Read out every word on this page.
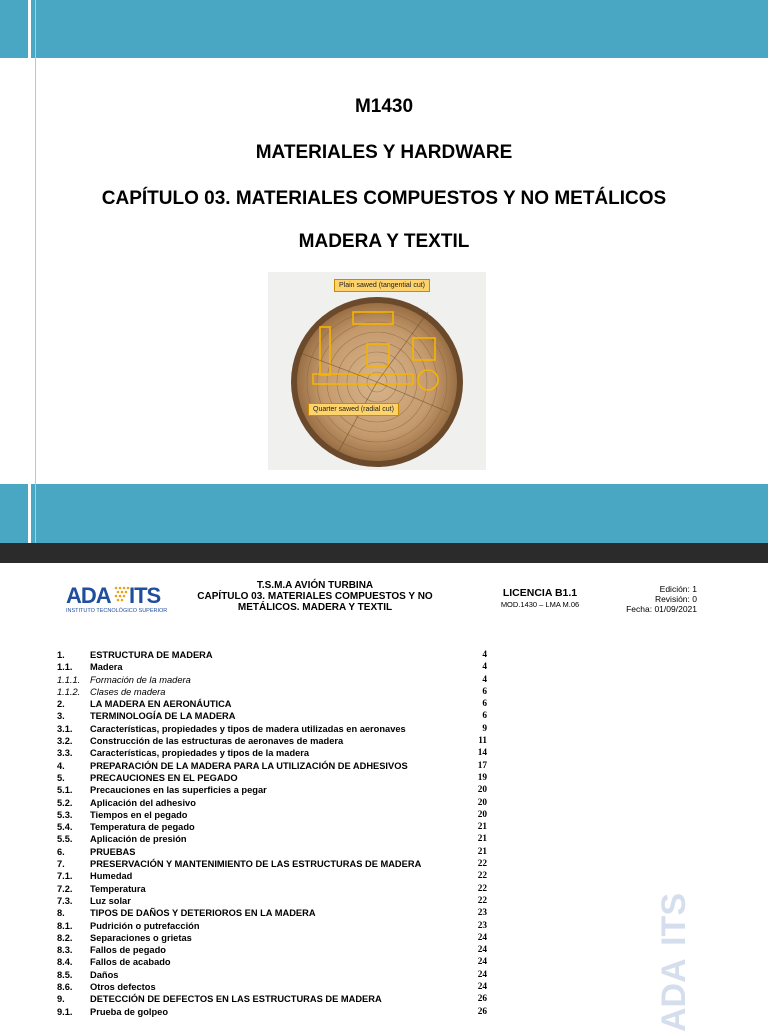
M1430
MATERIALES Y HARDWARE
CAPÍTULO 03. MATERIALES COMPUESTOS Y NO METÁLICOS
MADERA Y TEXTIL
Plain sawed (tangential cut)
Quarter sawed (radial cut)
ADA ITS
INSTITUTO TECNOLÓGICO SUPERIOR
T.S.M.A AVIÓN TURBINA
CAPÍTULO 03. MATERIALES COMPUESTOS Y NO
METÁLICOS. MADERA Y TEXTIL
LICENCIA B1.1
MOD.1430 – LMA M.06
Edición: 1
Revisión: 0
Fecha: 01/09/2021
1.	ESTRUCTURA DE MADERA	4
1.1. Madera	4
1.1.1. Formación de la madera	4
1.1.2. Clases de madera	6
2.	LA MADERA EN AERONÁUTICA	6
3.	TERMINOLOGÍA DE LA MADERA	6
3.1. Características, propiedades y tipos de madera utilizadas en aeronaves	9
3.2. Construcción de las estructuras de aeronaves de madera	11
3.3. Características, propiedades y tipos de la madera	14
4.	PREPARACIÓN DE LA MADERA PARA LA UTILIZACIÓN DE ADHESIVOS	17
5.	PRECAUCIONES EN EL PEGADO	19
5.1. Precauciones en las superficies a pegar	20
5.2. Aplicación del adhesivo	20
5.3. Tiempos en el pegado	20
5.4. Temperatura de pegado	21
5.5. Aplicación de presión	21
6.	PRUEBAS	21
7.	PRESERVACIÓN Y MANTENIMIENTO DE LAS ESTRUCTURAS DE MADERA	22
7.1. Humedad	22
7.2. Temperatura	22
7.3. Luz solar	22
8.	TIPOS DE DAÑOS Y DETERIOROS EN LA MADERA	23
8.1. Pudrición o putrefacción	23
8.2. Separaciones o grietas	24
8.3. Fallos de pegado	24
8.4. Fallos de acabado	24
8.5. Daños	24
8.6. Otros defectos	24
9.	DETECCIÓN DE DEFECTOS EN LAS ESTRUCTURAS DE MADERA	26
9.1. Prueba de golpeo	26	ADA ITS
